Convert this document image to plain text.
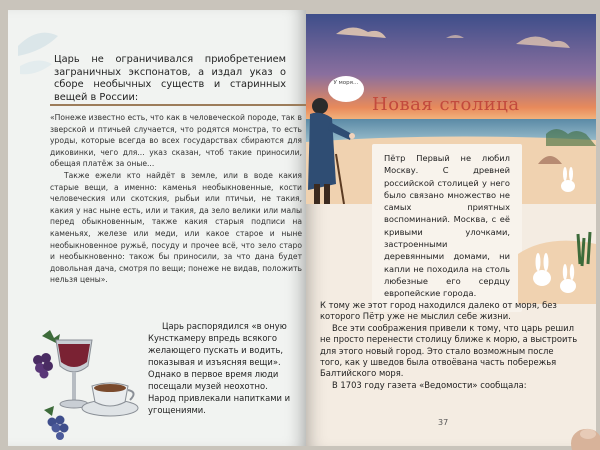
Царь не ограничивался приобретением заграничных экспонатов, а издал указ о сборе необычных существ и старинных вещей в России:

«Понеже известно есть, что как в человеческой породе, так в зверской и птичьей случается, что родятся монстра, то есть уроды, которые всегда во всех государствах сбираются для диковинки, чего для... указ сказан, чтоб такие приносили, обещая платёж за оные...

Также ежели кто найдёт в земле, или в воде какия старые вещи, а именно: каменья необыкновенные, кости человеческия или скотския, рыбьи или птичьи, не такия, какия у нас ныне есть, или и такия, да зело велики или малы перед обыкновенным, также какия старыя подписи на каменьях, железе или меди, или какое старое и ныне необыкновенное ружьё, посуду и прочее всё, что зело старо и необыкновенно: також бы приносили, за что дана будет довольная дача, смотря по вещи; понеже не видав, положить нельзя цены».

Царь распорядился «в оную Кунсткамеру впредь всякого желающего пускать и водить, показывая и изъясняя вещи». Однако в первое время люди посещали музей неохотно. Народ привлекали напитками и угощениями.
У моря…
Новая столица
Пётр Первый не любил Москву. С древней российской столицей у него было связано множество не самых приятных воспоминаний. Москва, с её кривыми улочками, застроенными деревянными домами, ни капли не походила на столь любезные его сердцу европейские города.

К тому же этот город находился далеко от моря, без которого Пётр уже не мыслил себе жизни.

Все эти соображения привели к тому, что царь решил не просто перенести столицу ближе к морю, а выстроить для этого новый город. Это стало возможным после того, как у шведов была отвоёвана часть побережья Балтийского моря.

В 1703 году газета «Ведомости» сообщала:

37
